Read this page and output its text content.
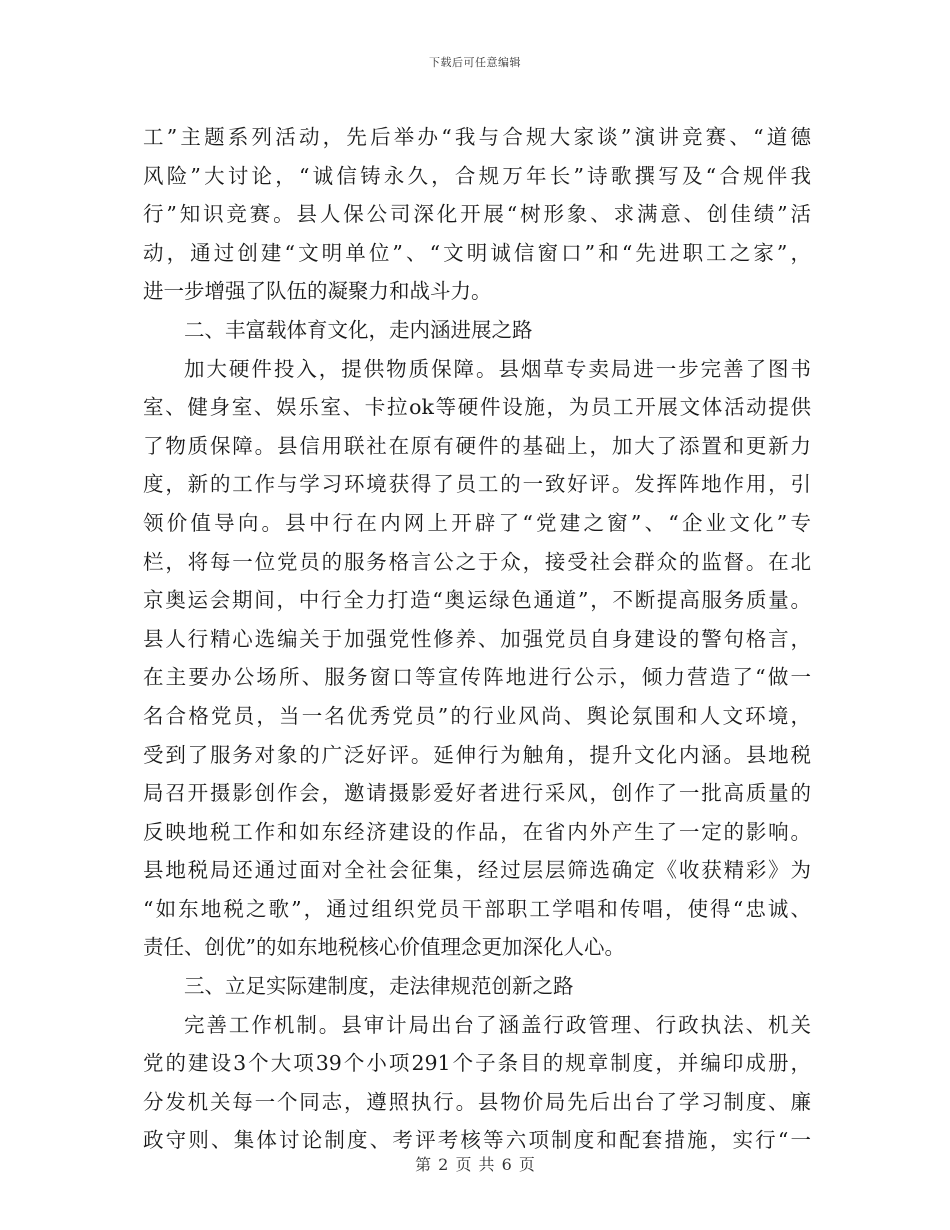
下载后可任意编辑
工”主题系列活动，先后举办“我与合规大家谈”演讲竞赛、“道德
风险”大讨论，“诚信铸永久，合规万年长”诗歌撰写及“合规伴我
行”知识竞赛。县人保公司深化开展“树形象、求满意、创佳绩”活
动，通过创建“文明单位”、“文明诚信窗口”和“先进职工之家”，
进一步增强了队伍的凝聚力和战斗力。
二、丰富载体育文化，走内涵进展之路
加大硬件投入，提供物质保障。县烟草专卖局进一步完善了图书
室、健身室、娱乐室、卡拉ok等硬件设施，为员工开展文体活动提供
了物质保障。县信用联社在原有硬件的基础上，加大了添置和更新力
度，新的工作与学习环境获得了员工的一致好评。发挥阵地作用，引
领价值导向。县中行在内网上开辟了“党建之窗”、“企业文化”专
栏，将每一位党员的服务格言公之于众，接受社会群众的监督。在北
京奥运会期间，中行全力打造“奥运绿色通道”，不断提高服务质量。
县人行精心选编关于加强党性修养、加强党员自身建设的警句格言，
在主要办公场所、服务窗口等宣传阵地进行公示，倾力营造了“做一
名合格党员，当一名优秀党员”的行业风尚、舆论氛围和人文环境，
受到了服务对象的广泛好评。延伸行为触角，提升文化内涵。县地税
局召开摄影创作会，邀请摄影爱好者进行采风，创作了一批高质量的
反映地税工作和如东经济建设的作品，在省内外产生了一定的影响。
县地税局还通过面对全社会征集，经过层层筛选确定《收获精彩》为
“如东地税之歌”，通过组织党员干部职工学唱和传唱，使得“忠诚、
责任、创优”的如东地税核心价值理念更加深化人心。
三、立足实际建制度，走法律规范创新之路
完善工作机制。县审计局出台了涵盖行政管理、行政执法、机关
党的建设3个大项39个小项291个子条目的规章制度，并编印成册，
分发机关每一个同志，遵照执行。县物价局先后出台了学习制度、廉
政守则、集体讨论制度、考评考核等六项制度和配套措施，实行“一
第 2 页 共 6 页
